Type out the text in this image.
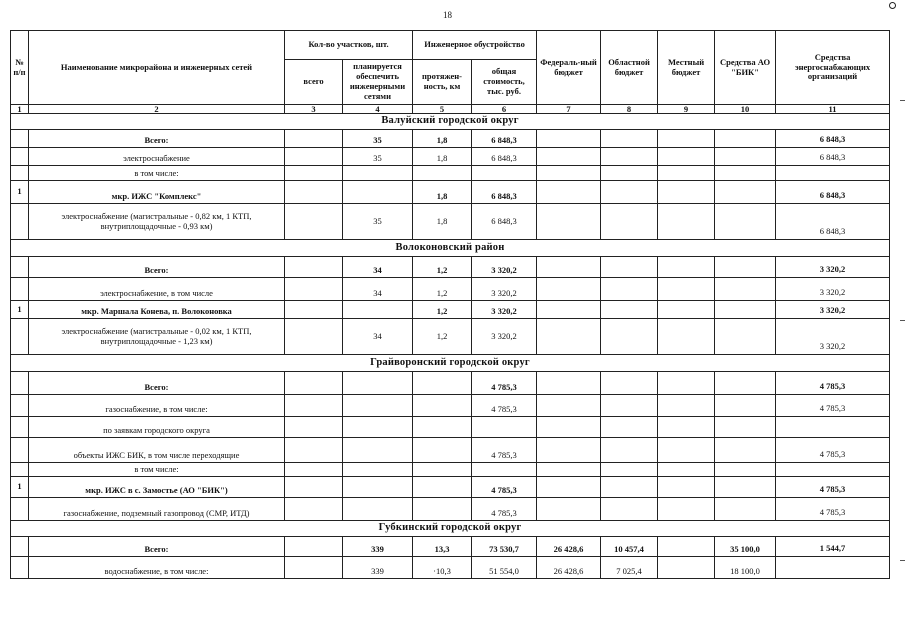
18
№ п/п	Наименование микрорайона и инженерных сетей	Кол-во участков, шт.		Инженерное обустройство		Федераль-ный бюджет	Областной бюджет	Местный бюджет	Средства АО "БИК"	Средства энергоснабжающих организаций
		всего	планируется обеспечить инженерными сетями	протяжен-ность, км	общая стоимость, тыс. руб.					
1	2	3	4	5	6	7	8	9	10	11
Валуйский городской округ										
	Всего:		35	1,8	6 848,3					6 848,3
	электроснабжение		35	1,8	6 848,3					6 848,3
	в том числе:									
1	мкр. ИЖС "Комплекс"			1,8	6 848,3					6 848,3
	электроснабжение (магистральные - 0,82 км, 1 КТП, внутриплощадочные - 0,93 км)		35	1,8	6 848,3					6 848,3
Волоконовский район										
	Всего:		34	1,2	3 320,2					3 320,2
	электроснабжение, в том числе		34	1,2	3 320,2					3 320,2
1	мкр. Маршала Конева, п. Волоконовка			1,2	3 320,2					3 320,2
	электроснабжение (магистральные - 0,02 км, 1 КТП, внутриплощадочные - 1,23 км)		34	1,2	3 320,2					3 320,2
Грайворонский городской округ										
	Всего:				4 785,3					4 785,3
	газоснабжение, в том числе:				4 785,3					4 785,3
	по заявкам городского округа									
	объекты ИЖС БИК, в том числе переходящие				4 785,3					4 785,3
	в том числе:									
1	мкр. ИЖС в с. Замостье (АО "БИК")				4 785,3					4 785,3
	газоснабжение, подземный газопровод (СМР, ИТД)				4 785,3					4 785,3
Губкинский городской округ										
	Всего:		339	13,3	73 530,7	26 428,6	10 457,4		35 100,0	1 544,7
	водоснабжение, в том числе:		339	·10,3	51 554,0	26 428,6	7 025,4		18 100,0	
